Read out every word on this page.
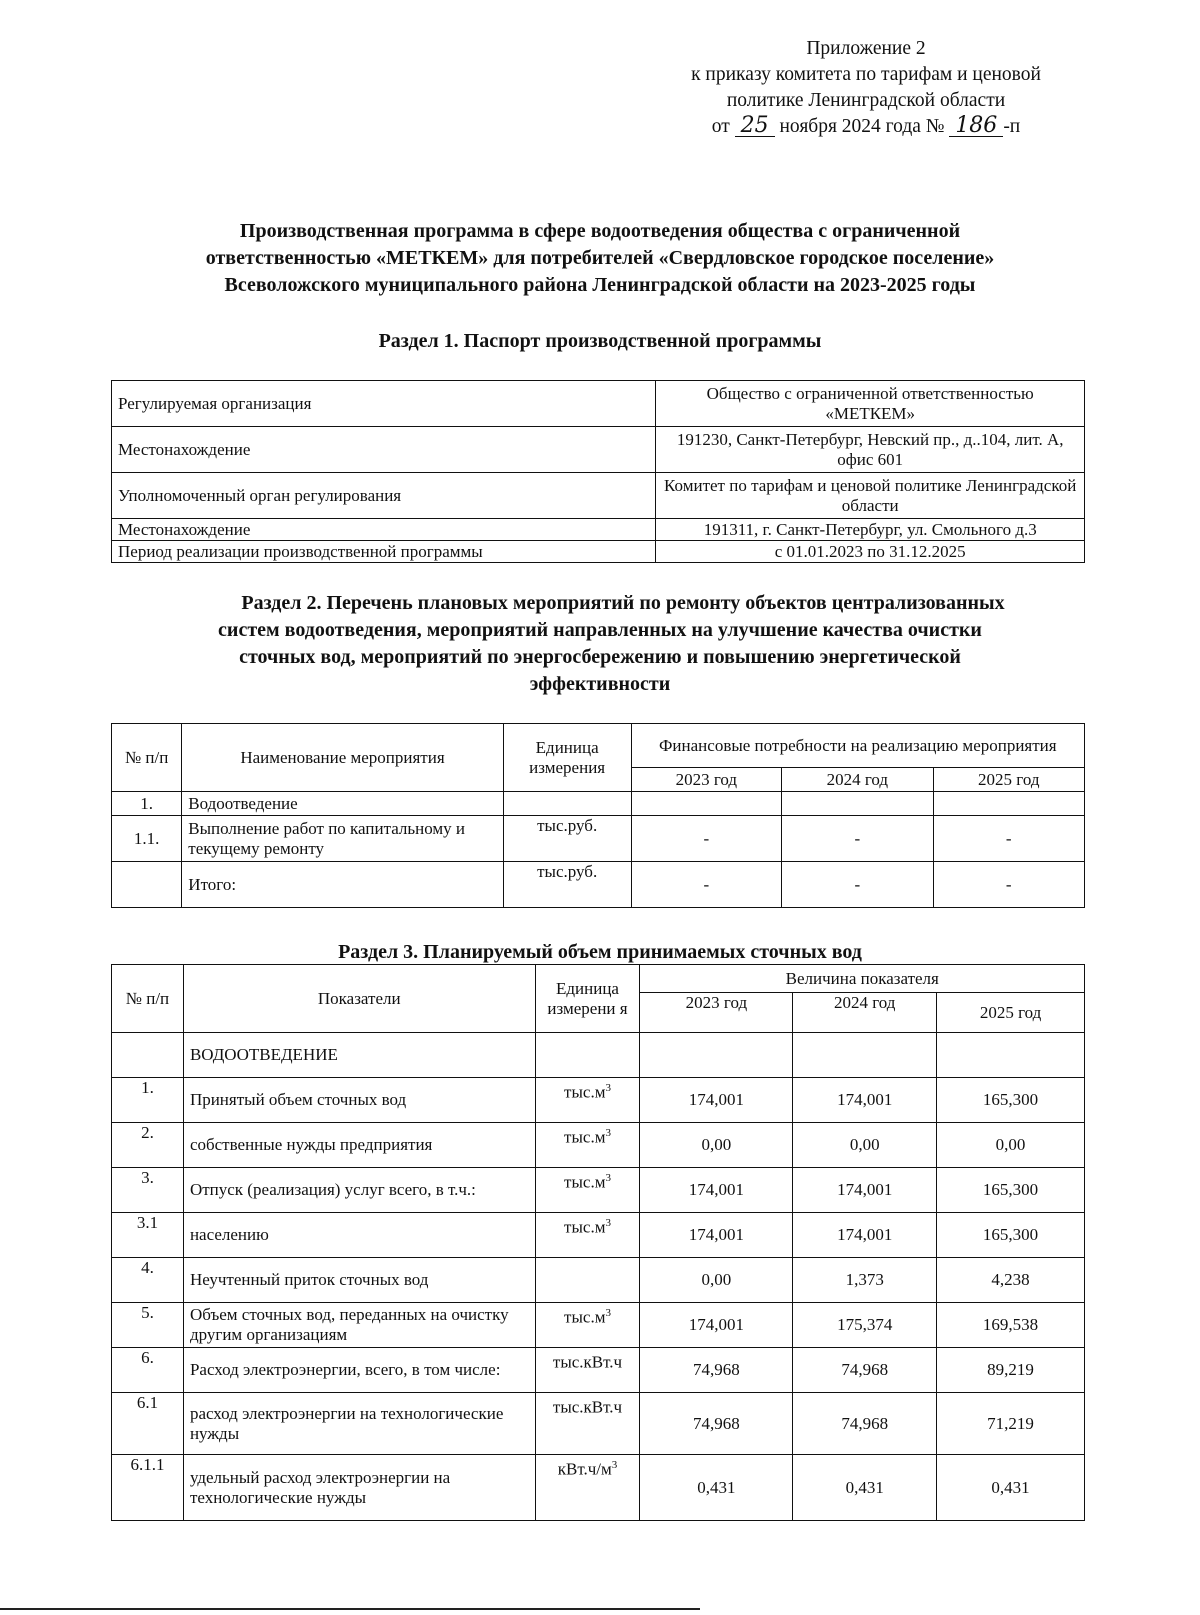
Приложение 2
к приказу комитета по тарифам и ценовой
политике Ленинградской области
от 25 ноября 2024 года № 186 -п
Производственная программа в сфере водоотведения общества с ограниченной
ответственностью «МЕТКЕМ» для потребителей «Свердловское городское поселение»
Всеволожского муниципального района Ленинградской области на 2023-2025 годы
Раздел 1. Паспорт производственной программы
Регулируемая организация	Общество с ограниченной ответственностью «МЕТКЕМ»
Местонахождение	191230, Санкт-Петербург, Невский пр., д..104, лит. А, офис 601
Уполномоченный орган регулирования	Комитет по тарифам и ценовой политике Ленинградской области
Местонахождение	191311, г. Санкт-Петербург, ул. Смольного д.3
Период реализации производственной программы	с 01.01.2023 по 31.12.2025
Раздел 2. Перечень плановых мероприятий по ремонту объектов централизованных
систем водоотведения, мероприятий направленных на улучшение качества очистки
сточных вод, мероприятий по энергосбережению и повышению энергетической
эффективности
№ п/п	Наименование мероприятия	Единица измерения	Финансовые потребности на реализацию мероприятия		
			2023 год	2024 год	2025 год
1.	Водоотведение				
1.1.	Выполнение работ по капитальному и текущему ремонту	тыс.руб.	-	-	-
	Итого:	тыс.руб.	-	-	-
Раздел 3. Планируемый объем принимаемых сточных вод
№ п/п	Показатели	Единица измерени я	Величина показателя		
			2023 год	2024 год	2025 год
	ВОДООТВЕДЕНИЕ				
1.	Принятый объем сточных вод	$тыс.м^3$	174,001	174,001	165,300
2.	собственные нужды предприятия	$тыс.м^3$	0,00	0,00	0,00
3.	Отпуск (реализация) услуг всего, в т.ч.:	$тыс.м^3$	174,001	174,001	165,300
3.1	населению	$тыс.м^3$	174,001	174,001	165,300
4.	Неучтенный приток сточных вод		0,00	1,373	4,238
5.	Объем сточных вод, переданных на очистку другим организациям	$тыс.м^3$	174,001	175,374	169,538
6.	Расход электроэнергии, всего, в том числе:	тыс.кВт.ч	74,968	74,968	89,219
6.1	расход электроэнергии на технологические нужды	тыс.кВт.ч	74,968	74,968	71,219
6.1.1	удельный расход электроэнергии на технологические нужды	$кВт.ч/м^3$	0,431	0,431	0,431
